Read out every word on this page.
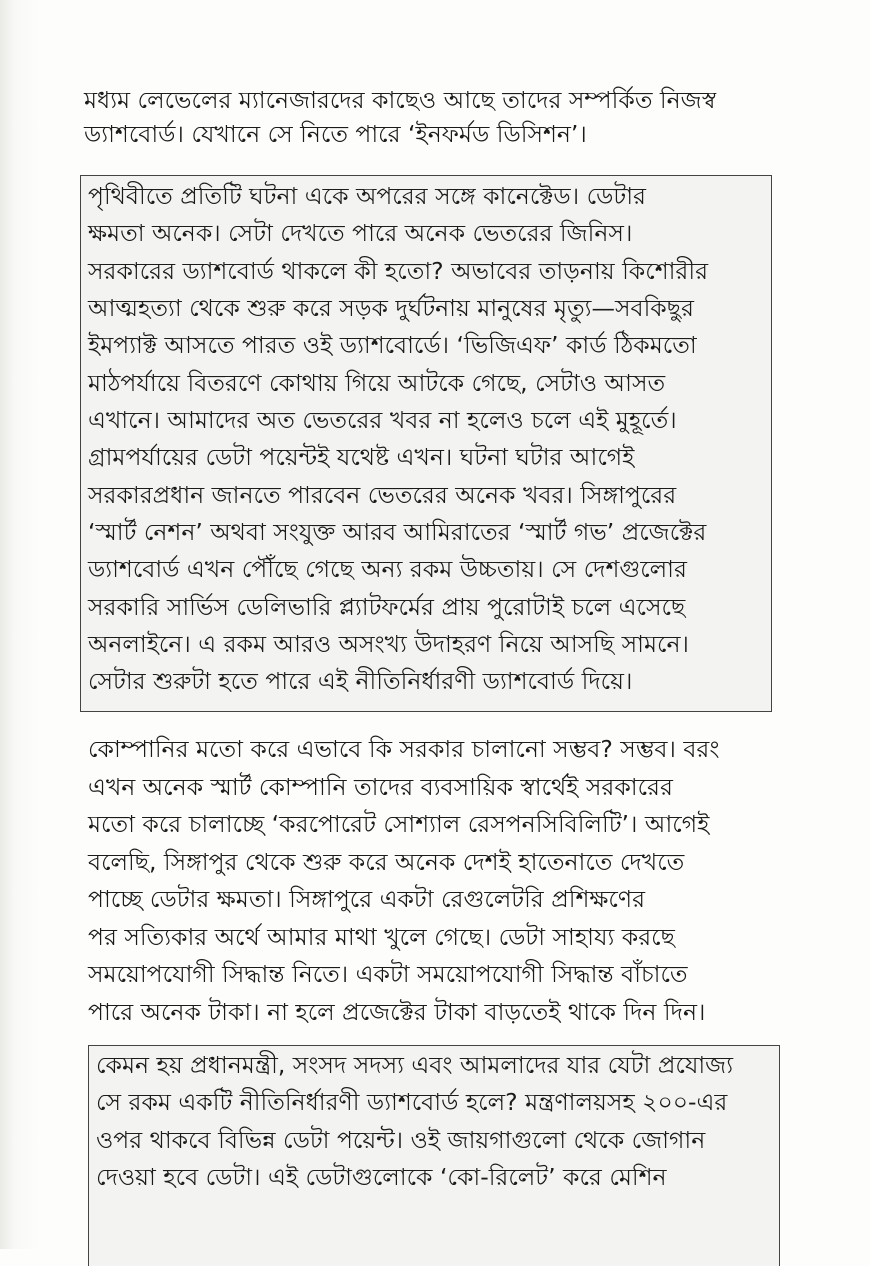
মধ্যম লেভেলের ম্যানেজারদের কাছেও আছে তাদের সম্পর্কিত নিজস্ব
ড্যাশবোর্ড। যেখানে সে নিতে পারে ‘ইনফর্মড ডিসিশন’।
পৃথিবীতে প্রতিটি ঘটনা একে অপরের সঙ্গে কানেক্টেড। ডেটার
ক্ষমতা অনেক। সেটা দেখতে পারে অনেক ভেতরের জিনিস।
সরকারের ড্যাশবোর্ড থাকলে কী হতো? অভাবের তাড়নায় কিশোরীর
আত্মহত্যা থেকে শুরু করে সড়ক দুর্ঘটনায় মানুষের মৃত্যু—সবকিছুর
ইমপ্যাক্ট আসতে পারত ওই ড্যাশবোর্ডে। ‘ভিজিএফ’ কার্ড ঠিকমতো
মাঠপর্যায়ে বিতরণে কোথায় গিয়ে আটকে গেছে, সেটাও আসত
এখানে। আমাদের অত ভেতরের খবর না হলেও চলে এই মুহূর্তে।
গ্রামপর্যায়ের ডেটা পয়েন্টই যথেষ্ট এখন। ঘটনা ঘটার আগেই
সরকারপ্রধান জানতে পারবেন ভেতরের অনেক খবর। সিঙ্গাপুরের
‘স্মার্ট নেশন’ অথবা সংযুক্ত আরব আমিরাতের ‘স্মার্ট গভ’ প্রজেক্টের
ড্যাশবোর্ড এখন পৌঁছে গেছে অন্য রকম উচ্চতায়। সে দেশগুলোর
সরকারি সার্ভিস ডেলিভারি প্ল্যাটফর্মের প্রায় পুরোটাই চলে এসেছে
অনলাইনে। এ রকম আরও অসংখ্য উদাহরণ নিয়ে আসছি সামনে।
সেটার শুরুটা হতে পারে এই নীতিনির্ধারণী ড্যাশবোর্ড দিয়ে।
কোম্পানির মতো করে এভাবে কি সরকার চালানো সম্ভব? সম্ভব। বরং
এখন অনেক স্মার্ট কোম্পানি তাদের ব্যবসায়িক স্বার্থেই সরকারের
মতো করে চালাচ্ছে ‘করপোরেট সোশ্যাল রেসপনসিবিলিটি’। আগেই
বলেছি, সিঙ্গাপুর থেকে শুরু করে অনেক দেশই হাতেনাতে দেখতে
পাচ্ছে ডেটার ক্ষমতা। সিঙ্গাপুরে একটা রেগুলেটরি প্রশিক্ষণের
পর সত্যিকার অর্থে আমার মাথা খুলে গেছে। ডেটা সাহায্য করছে
সময়োপযোগী সিদ্ধান্ত নিতে। একটা সময়োপযোগী সিদ্ধান্ত বাঁচাতে
পারে অনেক টাকা। না হলে প্রজেক্টের টাকা বাড়তেই থাকে দিন দিন।
কেমন হয় প্রধানমন্ত্রী, সংসদ সদস্য এবং আমলাদের যার যেটা প্রযোজ্য
সে রকম একটি নীতিনির্ধারণী ড্যাশবোর্ড হলে? মন্ত্রণালয়সহ ২০০-এর
ওপর থাকবে বিভিন্ন ডেটা পয়েন্ট। ওই জায়গাগুলো থেকে জোগান
দেওয়া হবে ডেটা। এই ডেটাগুলোকে ‘কো-রিলেট’ করে মেশিন
